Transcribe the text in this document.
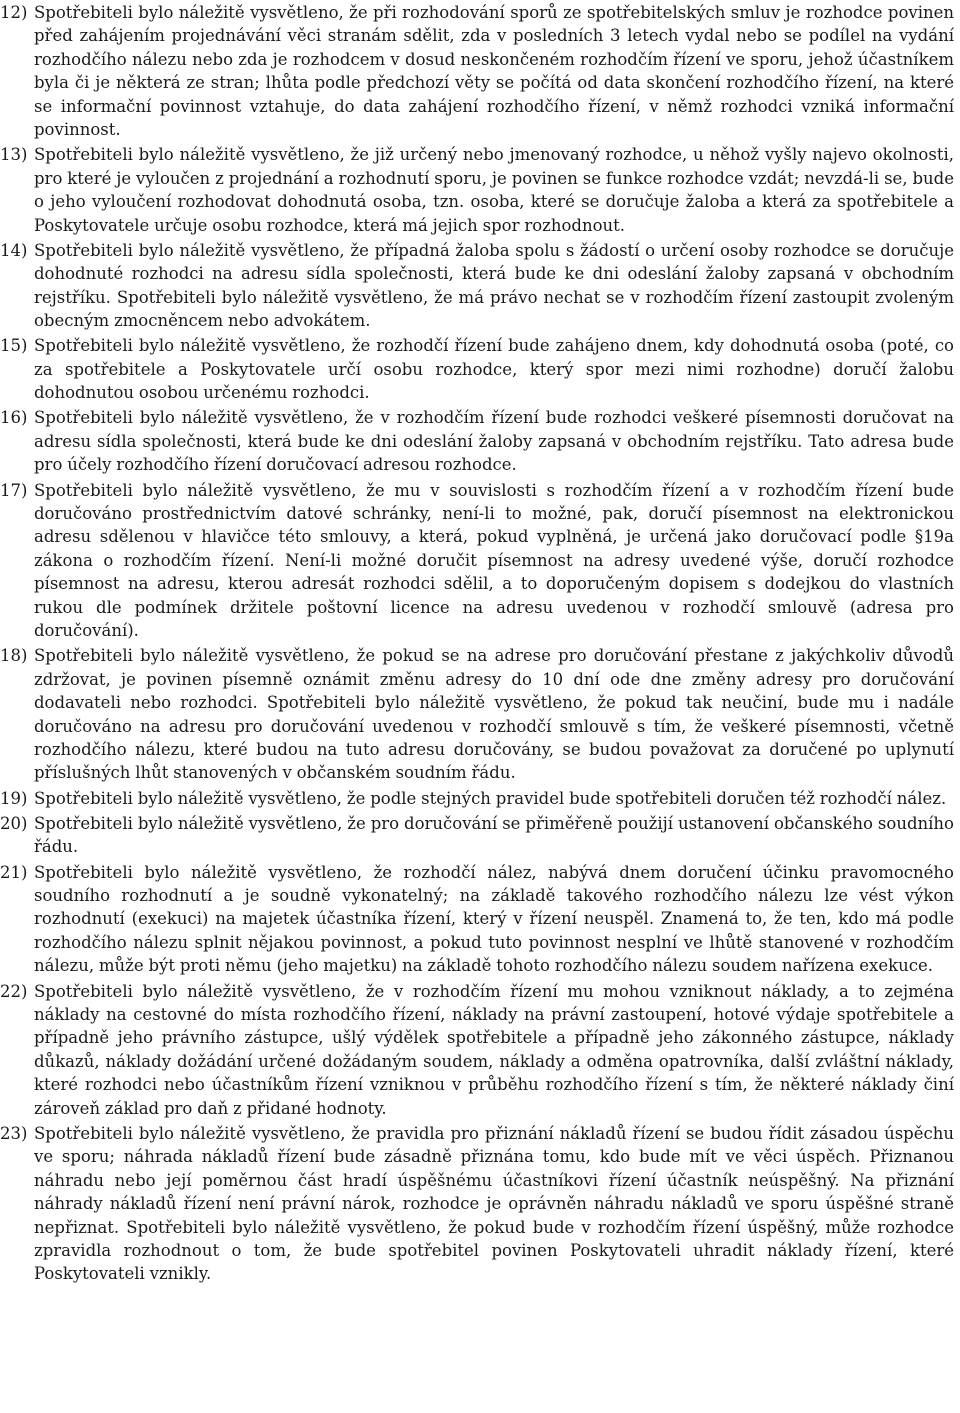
12) Spotřebiteli bylo náležitě vysvětleno, že při rozhodování sporů ze spotřebitelských smluv je rozhodce povinen před zahájením projednávání věci stranám sdělit, zda v posledních 3 letech vydal nebo se podílel na vydání rozhodčího nálezu nebo zda je rozhodcem v dosud neskončeném rozhodčím řízení ve sporu, jehož účastníkem byla či je některá ze stran; lhůta podle předchozí věty se počítá od data skončení rozhodčího řízení, na které se informační povinnost vztahuje, do data zahájení rozhodčího řízení, v němž rozhodci vzniká informační povinnost.
13) Spotřebiteli bylo náležitě vysvětleno, že již určený nebo jmenovaný rozhodce, u něhož vyšly najevo okolnosti, pro které je vyloučen z projednání a rozhodnutí sporu, je povinen se funkce rozhodce vzdát; nevzdá-li se, bude o jeho vyloučení rozhodovat dohodnutá osoba, tzn. osoba, které se doručuje žaloba a která za spotřebitele a Poskytovatele určuje osobu rozhodce, která má jejich spor rozhodnout.
14) Spotřebiteli bylo náležitě vysvětleno, že případná žaloba spolu s žádostí o určení osoby rozhodce se doručuje dohodnuté rozhodci na adresu sídla společnosti, která bude ke dni odeslání žaloby zapsaná v obchodním rejstříku. Spotřebiteli bylo náležitě vysvětleno, že má právo nechat se v rozhodčím řízení zastoupit zvoleným obecným zmocněncem nebo advokátem.
15) Spotřebiteli bylo náležitě vysvětleno, že rozhodčí řízení bude zahájeno dnem, kdy dohodnutá osoba (poté, co za spotřebitele a Poskytovatele určí osobu rozhodce, který spor mezi nimi rozhodne) doručí žalobu dohodnutou osobou určenému rozhodci.
16) Spotřebiteli bylo náležitě vysvětleno, že v rozhodčím řízení bude rozhodci veškeré písemnosti doručovat na adresu sídla společnosti, která bude ke dni odeslání žaloby zapsaná v obchodním rejstříku. Tato adresa bude pro účely rozhodčího řízení doručovací adresou rozhodce.
17) Spotřebiteli bylo náležitě vysvětleno, že mu v souvislosti s rozhodčím řízení a v rozhodčím řízení bude doručováno prostřednictvím datové schránky, není-li to možné, pak, doručí písemnost na elektronickou adresu sdělenou v hlavičce této smlouvy, a která, pokud vyplněná, je určená jako doručovací podle §19a zákona o rozhodčím řízení. Není-li možné doručit písemnost na adresy uvedené výše, doručí rozhodce písemnost na adresu, kterou adresát rozhodci sdělil, a to doporučeným dopisem s dodejkou do vlastních rukou dle podmínek držitele poštovní licence na adresu uvedenou v rozhodčí smlouvě (adresa pro doručování).
18) Spotřebiteli bylo náležitě vysvětleno, že pokud se na adrese pro doručování přestane z jakýchkoliv důvodů zdržovat, je povinen písemně oznámit změnu adresy do 10 dní ode dne změny adresy pro doručování dodavateli nebo rozhodci. Spotřebiteli bylo náležitě vysvětleno, že pokud tak neučiní, bude mu i nadále doručováno na adresu pro doručování uvedenou v rozhodčí smlouvě s tím, že veškeré písemnosti, včetně rozhodčího nálezu, které budou na tuto adresu doručovány, se budou považovat za doručené po uplynutí příslušných lhůt stanovených v občanském soudním řádu.
19) Spotřebiteli bylo náležitě vysvětleno, že podle stejných pravidel bude spotřebiteli doručen též rozhodčí nález.
20) Spotřebiteli bylo náležitě vysvětleno, že pro doručování se přiměřeně použijí ustanovení občanského soudního řádu.
21) Spotřebiteli bylo náležitě vysvětleno, že rozhodčí nález, nabývá dnem doručení účinku pravomocného soudního rozhodnutí a je soudně vykonatelný; na základě takového rozhodčího nálezu lze vést výkon rozhodnutí (exekuci) na majetek účastníka řízení, který v řízení neuspěl. Znamená to, že ten, kdo má podle rozhodčího nálezu splnit nějakou povinnost, a pokud tuto povinnost nesplní ve lhůtě stanovené v rozhodčím nálezu, může být proti němu (jeho majetku) na základě tohoto rozhodčího nálezu soudem nařízena exekuce.
22) Spotřebiteli bylo náležitě vysvětleno, že v rozhodčím řízení mu mohou vzniknout náklady, a to zejména náklady na cestovné do místa rozhodčího řízení, náklady na právní zastoupení, hotové výdaje spotřebitele a případně jeho právního zástupce, ušlý výdělek spotřebitele a případně jeho zákonného zástupce, náklady důkazů, náklady dožádání určené dožádaným soudem, náklady a odměna opatrovníka, další zvláštní náklady, které rozhodci nebo účastníkům řízení vzniknou v průběhu rozhodčího řízení s tím, že některé náklady činí zároveň základ pro daň z přidané hodnoty.
23) Spotřebiteli bylo náležitě vysvětleno, že pravidla pro přiznání nákladů řízení se budou řídit zásadou úspěchu ve sporu; náhrada nákladů řízení bude zásadně přiznána tomu, kdo bude mít ve věci úspěch. Přiznanou náhradu nebo její poměrnou část hradí úspěšnému účastníkovi řízení účastník neúspěšný. Na přiznání náhrady nákladů řízení není právní nárok, rozhodce je oprávněn náhradu nákladů ve sporu úspěšné straně nepřiznat. Spotřebiteli bylo náležitě vysvětleno, že pokud bude v rozhodčím řízení úspěšný, může rozhodce zpravidla rozhodnout o tom, že bude spotřebitel povinen Poskytovateli uhradit náklady řízení, které Poskytovateli vznikly.
